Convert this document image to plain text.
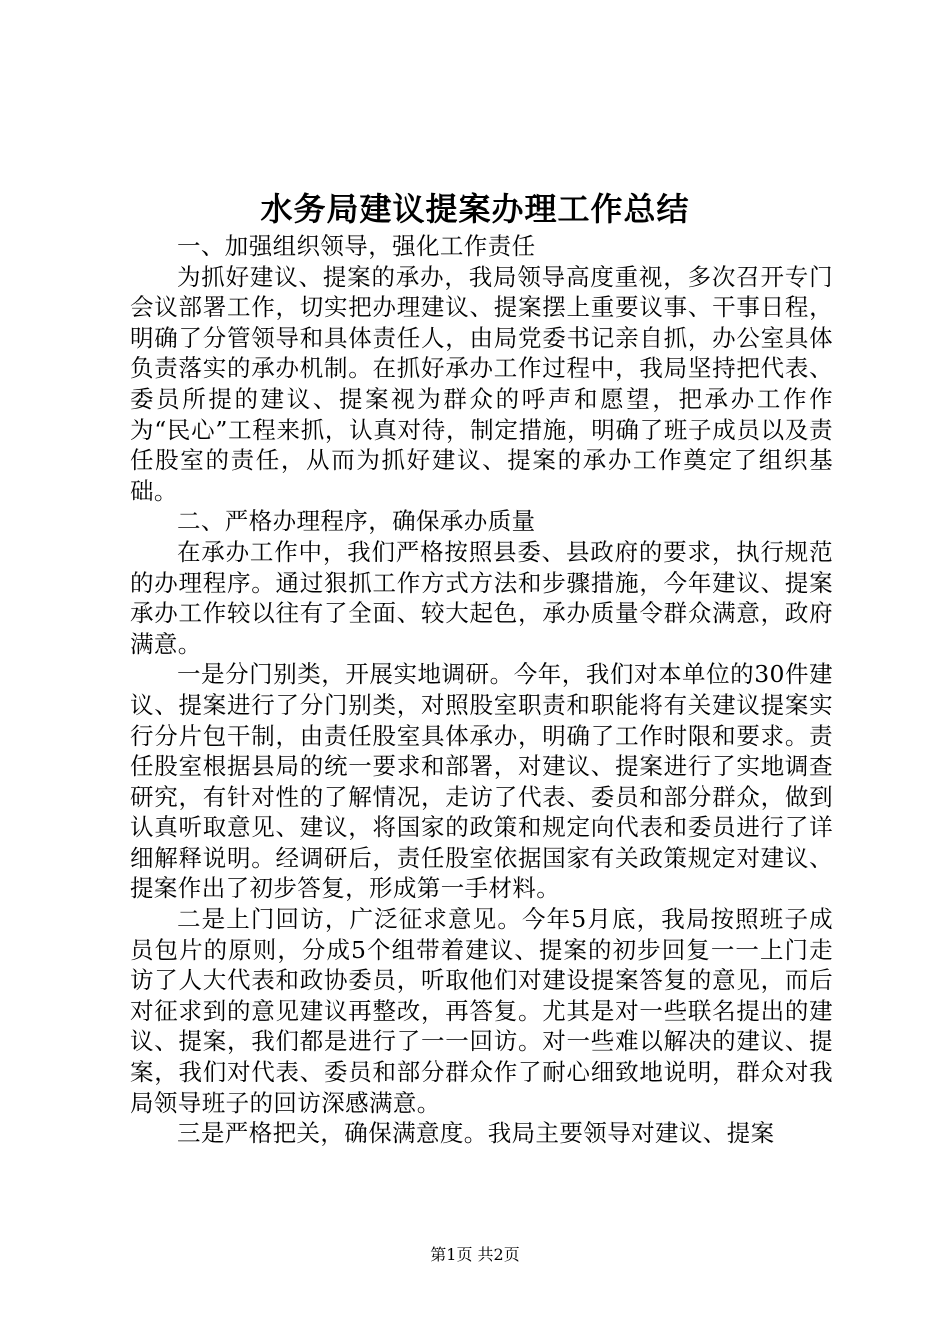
水务局建议提案办理工作总结

一、加强组织领导，强化工作责任

为抓好建议、提案的承办，我局领导高度重视，多次召开专门会议部署工作，切实把办理建议、提案摆上重要议事、干事日程，明确了分管领导和具体责任人，由局党委书记亲自抓，办公室具体负责落实的承办机制。在抓好承办工作过程中，我局坚持把代表、委员所提的建议、提案视为群众的呼声和愿望，把承办工作作为“民心”工程来抓，认真对待，制定措施，明确了班子成员以及责任股室的责任，从而为抓好建议、提案的承办工作奠定了组织基础。

二、严格办理程序，确保承办质量

在承办工作中，我们严格按照县委、县政府的要求，执行规范的办理程序。通过狠抓工作方式方法和步骤措施，今年建议、提案承办工作较以往有了全面、较大起色，承办质量令群众满意，政府满意。

一是分门别类，开展实地调研。今年，我们对本单位的30件建议、提案进行了分门别类，对照股室职责和职能将有关建议提案实行分片包干制，由责任股室具体承办，明确了工作时限和要求。责任股室根据县局的统一要求和部署，对建议、提案进行了实地调查研究，有针对性的了解情况，走访了代表、委员和部分群众，做到认真听取意见、建议，将国家的政策和规定向代表和委员进行了详细解释说明。经调研后，责任股室依据国家有关政策规定对建议、提案作出了初步答复，形成第一手材料。

二是上门回访，广泛征求意见。今年5月底，我局按照班子成员包片的原则，分成5个组带着建议、提案的初步回复一一上门走访了人大代表和政协委员，听取他们对建设提案答复的意见，而后对征求到的意见建议再整改，再答复。尤其是对一些联名提出的建议、提案，我们都是进行了一一回访。对一些难以解决的建议、提案，我们对代表、委员和部分群众作了耐心细致地说明，群众对我局领导班子的回访深感满意。

三是严格把关，确保满意度。我局主要领导对建议、提案

第1页 共2页
